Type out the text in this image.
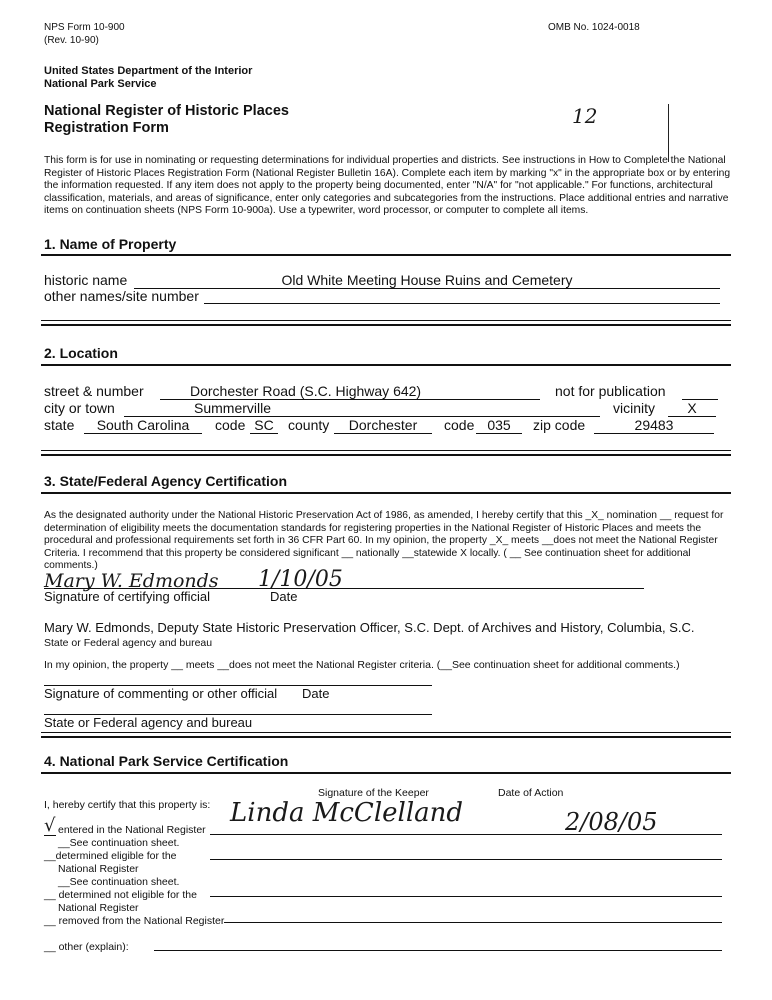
NPS Form 10-900
(Rev. 10-90)
OMB No. 1024-0018
United States Department of the Interior
National Park Service
National Register of Historic Places
Registration Form	12
This form is for use in nominating or requesting determinations for individual properties and districts. See instructions in How to Complete the National Register of Historic Places Registration Form (National Register Bulletin 16A). Complete each item by marking "x" in the appropriate box or by entering the information requested. If any item does not apply to the property being documented, enter "N/A" for "not applicable." For functions, architectural classification, materials, and areas of significance, enter only categories and subcategories from the instructions. Place additional entries and narrative items on continuation sheets (NPS Form 10-900a). Use a typewriter, word processor, or computer to complete all items.
1. Name of Property
historic name	Old White Meeting House Ruins and Cemetery
other names/site number
2. Location
street & number	Dorchester Road (S.C. Highway 642)	not for publication
city or town	Summerville	vicinity	X
state	South Carolina	code SC	county	Dorchester	code 035	zip code	29483
3. State/Federal Agency Certification
As the designated authority under the National Historic Preservation Act of 1986, as amended, I hereby certify that this _X_ nomination __ request for determination of eligibility meets the documentation standards for registering properties in the National Register of Historic Places and meets the procedural and professional requirements set forth in 36 CFR Part 60. In my opinion, the property _X_ meets __does not meet the National Register Criteria. I recommend that this property be considered significant __ nationally __statewide X locally. ( __ See continuation sheet for additional comments.)
Mary W. Edmonds 1/10/05
Signature of certifying official	Date
Mary W. Edmonds, Deputy State Historic Preservation Officer, S.C. Dept. of Archives and History, Columbia, S.C.
State or Federal agency and bureau
In my opinion, the property __ meets __does not meet the National Register criteria. (__See continuation sheet for additional comments.)
Signature of commenting or other official Date
State or Federal agency and bureau
4. National Park Service Certification
Signature of the Keeper	Date of Action
I, hereby certify that this property is: Linda McClelland	2/08/05
√ entered in the National Register
__See continuation sheet.
__determined eligible for the
National Register
__See continuation sheet.
__ determined not eligible for the
National Register
__ removed from the National Register
__ other (explain):
